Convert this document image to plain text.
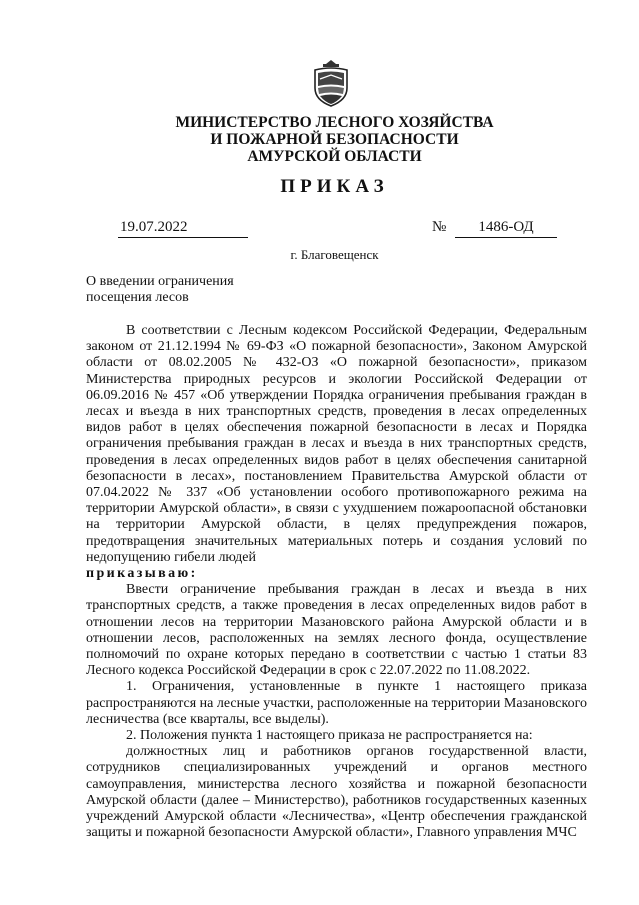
МИНИСТЕРСТВО ЛЕСНОГО ХОЗЯЙСТВА
И ПОЖАРНОЙ БЕЗОПАСНОСТИ
АМУРСКОЙ ОБЛАСТИ
ПРИКАЗ
19.07.2022	№	1486-ОД
г. Благовещенск
О введении ограничения
посещения лесов

В соответствии с Лесным кодексом Российской Федерации, Федеральным законом от 21.12.1994 № 69-ФЗ «О пожарной безопасности», Законом Амурской области от 08.02.2005 № 432-ОЗ «О пожарной безопасности», приказом Министерства природных ресурсов и экологии Российской Федерации от 06.09.2016 № 457 «Об утверждении Порядка ограничения пребывания граждан в лесах и въезда в них транспортных средств, проведения в лесах определенных видов работ в целях обеспечения пожарной безопасности в лесах и Порядка ограничения пребывания граждан в лесах и въезда в них транспортных средств, проведения в лесах определенных видов работ в целях обеспечения санитарной безопасности в лесах», постановлением Правительства Амурской области от 07.04.2022 № 337 «Об установлении особого противопожарного режима на территории Амурской области», в связи с ухудшением пожароопасной обстановки на территории Амурской области, в целях предупреждения пожаров, предотвращения значительных материальных потерь и создания условий по недопущению гибели людей

приказываю:

Ввести ограничение пребывания граждан в лесах и въезда в них транспортных средств, а также проведения в лесах определенных видов работ в отношении лесов на территории Мазановского района Амурской области и в отношении лесов, расположенных на землях лесного фонда, осуществление полномочий по охране которых передано в соответствии с частью 1 статьи 83 Лесного кодекса Российской Федерации в срок с 22.07.2022 по 11.08.2022.

1. Ограничения, установленные в пункте 1 настоящего приказа распространяются на лесные участки, расположенные на территории Мазановского лесничества (все кварталы, все выделы).

2. Положения пункта 1 настоящего приказа не распространяется на:

должностных лиц и работников органов государственной власти, сотрудников специализированных учреждений и органов местного самоуправления, министерства лесного хозяйства и пожарной безопасности Амурской области (далее – Министерство), работников государственных казенных учреждений Амурской области «Лесничества», «Центр обеспечения гражданской защиты и пожарной безопасности Амурской области», Главного управления МЧС
